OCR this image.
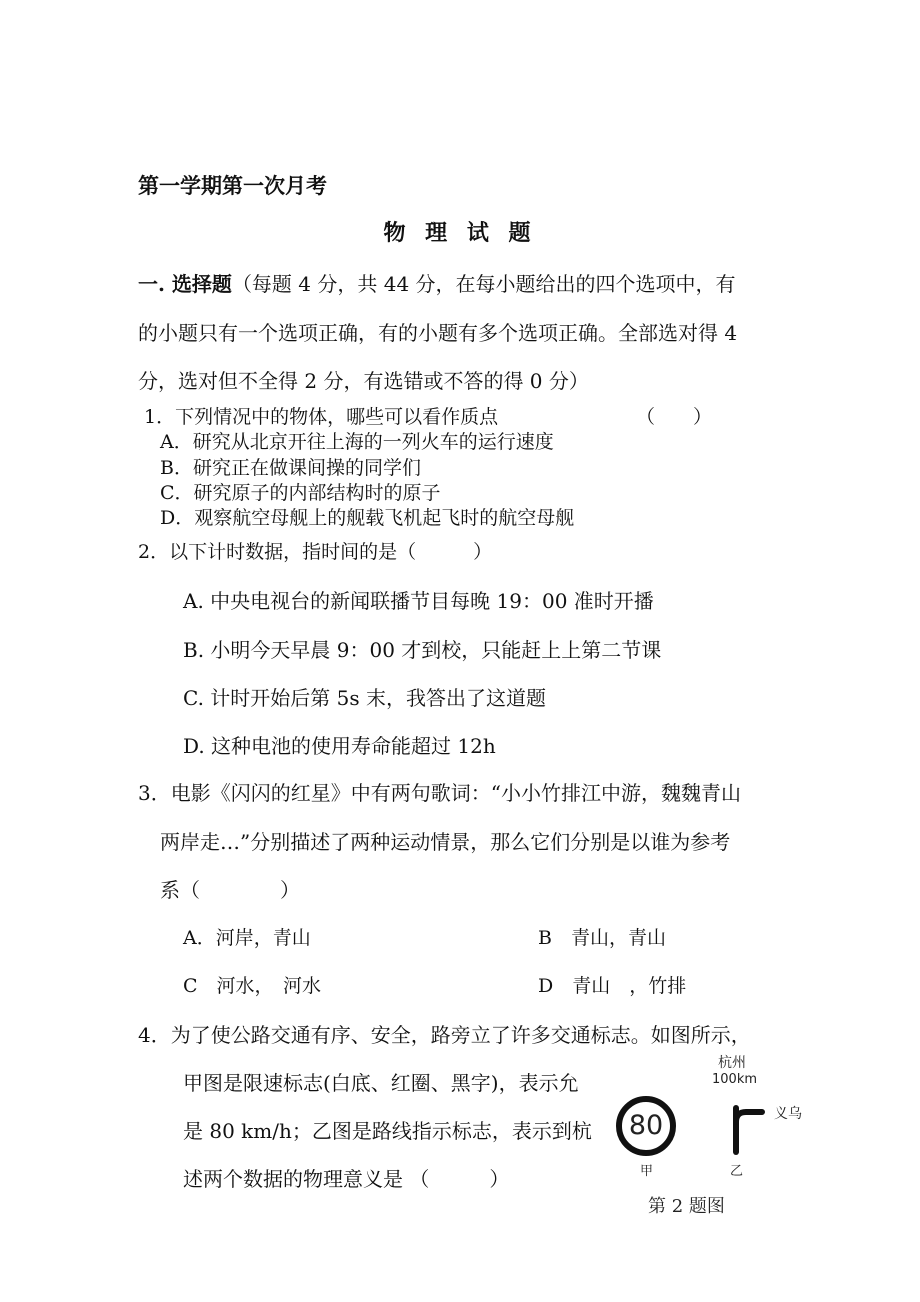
第一学期第一次月考
物 理 试 题
一. 选择题（每题 4 分，共 44 分，在每小题给出的四个选项中，有
的小题只有一个选项正确，有的小题有多个选项正确。全部选对得 4
分，选对但不全得 2 分，有选错或不答的得 0 分）
1．下列情况中的物体，哪些可以看作质点	（　　）
A．研究从北京开往上海的一列火车的运行速度
B．研究正在做课间操的同学们
C．研究原子的内部结构时的原子
D．观察航空母舰上的舰载飞机起飞时的航空母舰
2．以下计时数据，指时间的是（　　　）
A. 中央电视台的新闻联播节目每晚 19：00 准时开播
B. 小明今天早晨 9：00 才到校，只能赶上上第二节课
C. 计时开始后第 5s 末，我答出了这道题
D. 这种电池的使用寿命能超过 12h
3．电影《闪闪的红星》中有两句歌词：“小小竹排江中游，魏魏青山
两岸走…”分别描述了两种运动情景，那么它们分别是以谁为参考
系（　　　　）
A．河岸，青山	B　青山，青山
C　河水，　河水	D　青山　，竹排
4．为了使公路交通有序、安全，路旁立了许多交通标志。如图所示，
甲图是限速标志(白底、红圈、黑字)，表示允
是 80 km/h；乙图是路线指示标志，表示到杭
述两个数据的物理意义是 （　　　）
80
甲
杭州
100km
义乌
乙
第 2 题图
